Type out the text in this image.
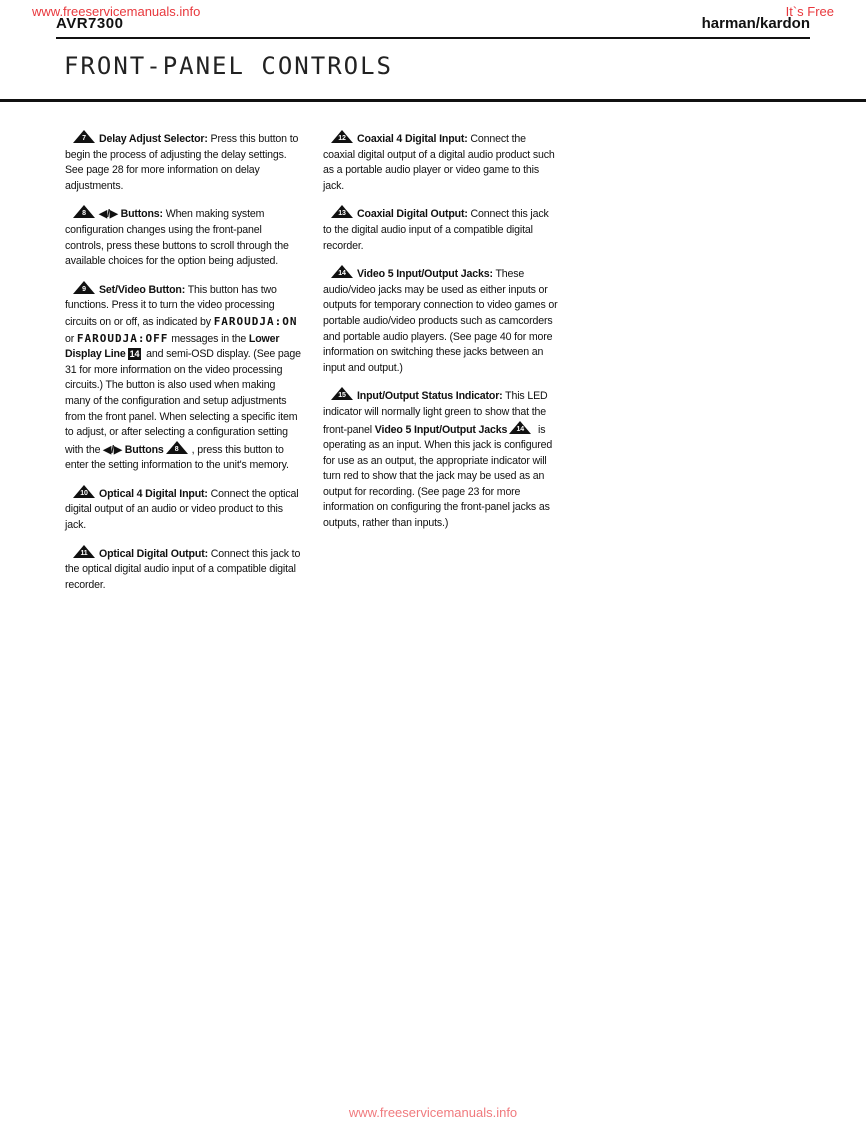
www.freeservicemanuals.info	It`s Free
AVR7300	harman/kardon
FRONT-PANEL CONTROLS

7	Delay Adjust Selector: Press this button to begin the process of adjusting the delay settings. See page 28 for more information on delay adjustments.

8	◀/▶ Buttons: When making system configuration changes using the front-panel controls, press these buttons to scroll through the available choices for the option being adjusted.

9	Set/Video Button: This button has two functions. Press it to turn the video processing circuits on or off, as indicated by FAROUDJA:ON or FAROUDJA:OFF messages in the Lower Display Line 14 and semi-OSD display. (See page 31 for more information on the video processing circuits.) The button is also used when making many of the configuration and setup adjustments from the front panel. When selecting a specific item to adjust, or after selecting a configuration setting with the ◀/▶ Buttons	8	, press this button to enter the setting information to the unit's memory.

10	Optical 4 Digital Input: Connect the optical digital output of an audio or video product to this jack.

11	Optical Digital Output: Connect this jack to the optical digital audio input of a compatible digital recorder.

12	Coaxial 4 Digital Input: Connect the coaxial digital output of a digital audio product such as a portable audio player or video game to this jack.

13	Coaxial Digital Output: Connect this jack to the digital audio input of a compatible digital recorder.

14	Video 5 Input/Output Jacks: These audio/video jacks may be used as either inputs or outputs for temporary connection to video games or portable audio/video products such as camcorders and portable audio players. (See page 40 for more information on switching these jacks between an input and output.)

15	Input/Output Status Indicator: This LED indicator will normally light green to show that the front-panel Video 5 Input/Output Jacks	14	is operating as an input. When this jack is configured for use as an output, the appropriate indicator will turn red to show that the jack may be used as an output for recording. (See page 23 for more information on configuring the front-panel jacks as outputs, rather than inputs.)

www.freeservicemanuals.info
